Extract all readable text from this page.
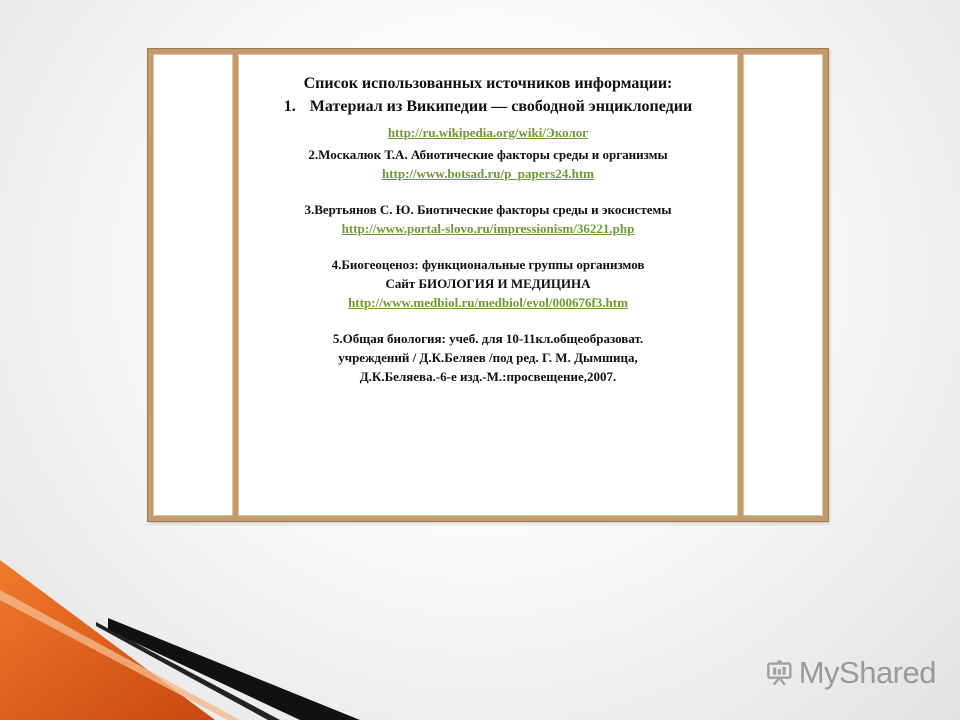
Список использованных источников информации:

1. Материал из Википедии — свободной энциклопедии

http://ru.wikipedia.org/wiki/Эколог

2.Москалюк Т.А. Абиотические факторы среды и организмы

http://www.botsad.ru/p_papers24.htm

3.Вертьянов С. Ю. Биотические факторы среды и экосистемы

http://www.portal-slovo.ru/impressionism/36221.php

4.Биогеоценоз: функциональные группы организмов

Сайт БИОЛОГИЯ И МЕДИЦИНА

http://www.medbiol.ru/medbiol/evol/000676f3.htm

5.Общая биология: учеб. для 10-11кл.общеобразоват.

учреждений / Д.К.Беляев /под ред. Г. М. Дымшица,

Д.К.Беляева.-6-е изд.-М.:просвещение,2007.

MyShared
